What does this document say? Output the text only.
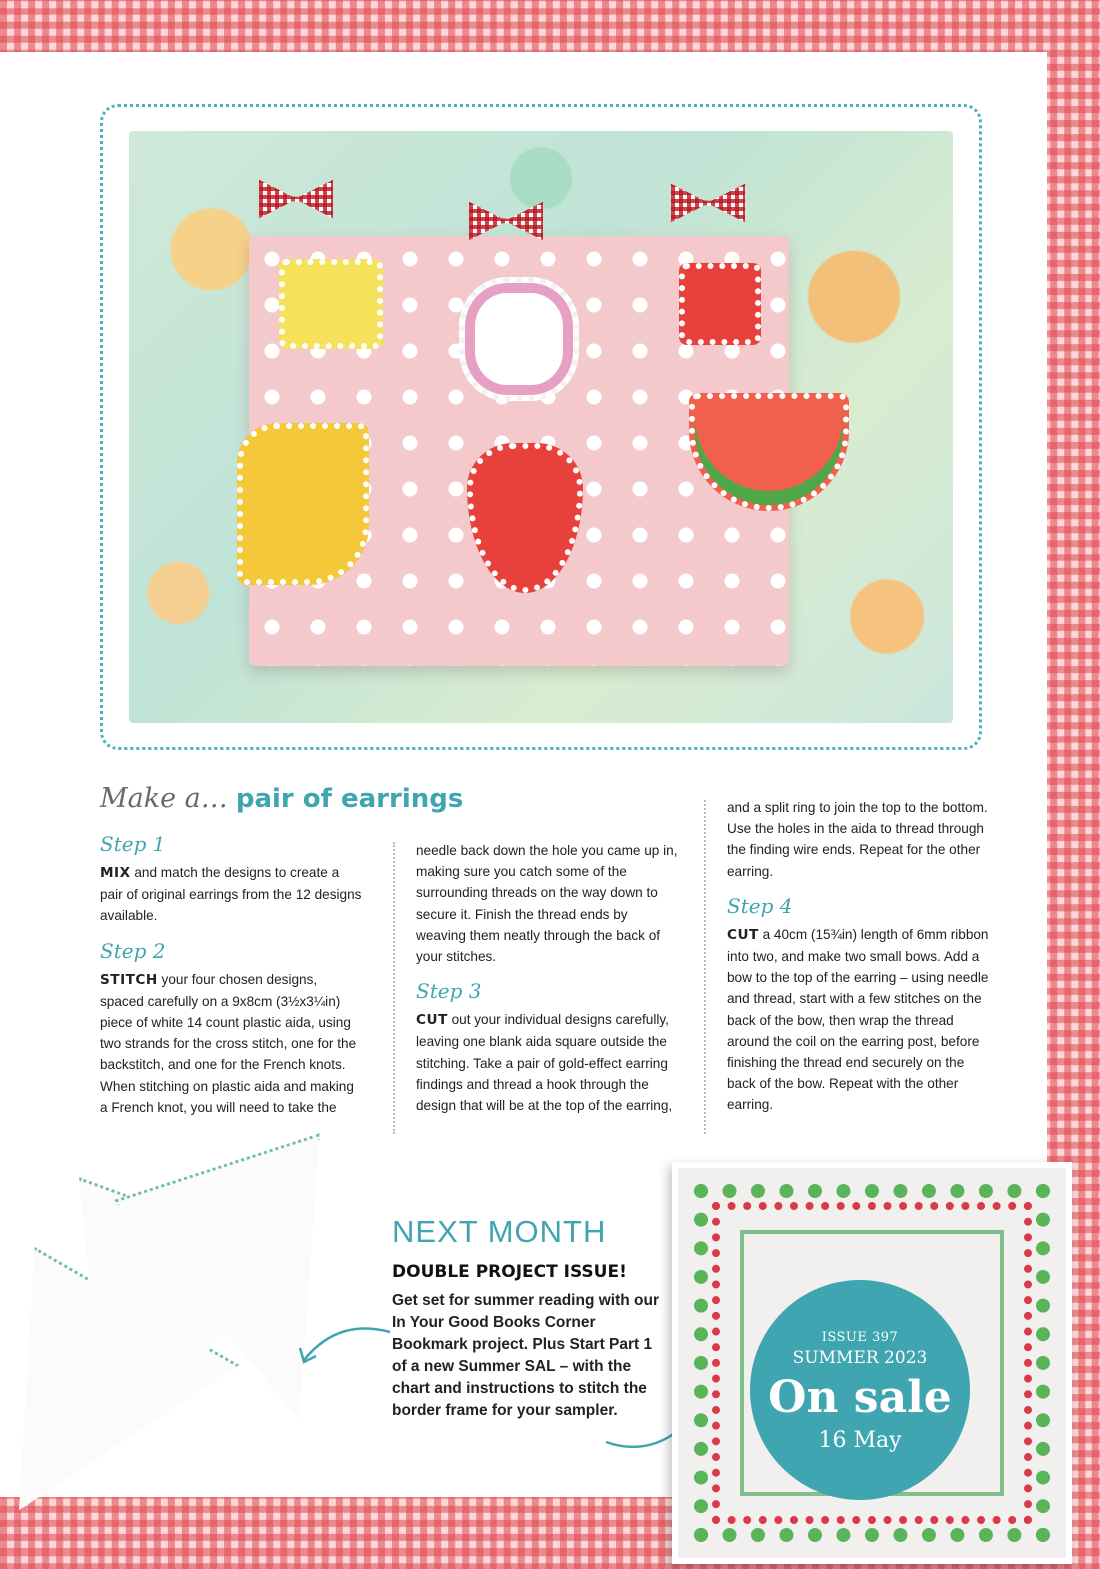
Make a… pair of earrings
Step 1

MIX and match the designs to create a pair of original earrings from the 12 designs available.

Step 2

STITCH your four chosen designs, spaced carefully on a 9x8cm (3½x3¼in) piece of white 14 count plastic aida, using two strands for the cross stitch, one for the backstitch, and one for the French knots. When stitching on plastic aida and making a French knot, you will need to take the

needle back down the hole you came up in, making sure you catch some of the surrounding threads on the way down to secure it. Finish the thread ends by weaving them neatly through the back of your stitches.

Step 3

CUT out your individual designs carefully, leaving one blank aida square outside the stitching. Take a pair of gold-effect earring findings and thread a hook through the design that will be at the top of the earring,

and a split ring to join the top to the bottom. Use the holes in the aida to thread through the finding wire ends. Repeat for the other earring.

Step 4

CUT a 40cm (15¾in) length of 6mm ribbon into two, and make two small bows. Add a bow to the top of the earring – using needle and thread, start with a few stitches on the back of the bow, then wrap the thread around the coil on the earring post, before finishing the thread end securely on the back of the bow. Repeat with the other earring.

NEXT MONTH
DOUBLE PROJECT ISSUE!
Get set for summer reading with our In Your Good Books Corner Bookmark project. Plus Start Part 1 of a new Summer SAL – with the chart and instructions to stitch the border frame for your sampler.
ISSUE 397
SUMMER 2023
On sale
16 May
